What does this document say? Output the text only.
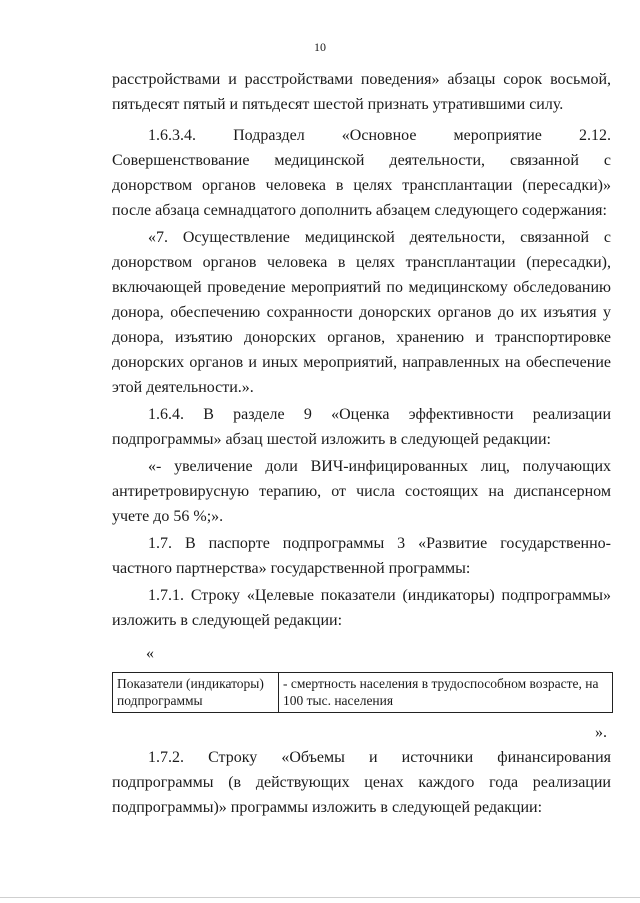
10

расстройствами и расстройствами поведения» абзацы сорок восьмой, пятьдесят пятый и пятьдесят шестой признать утратившими силу.

1.6.3.4. Подраздел «Основное мероприятие 2.12. Совершенствование медицинской деятельности, связанной с донорством органов человека в целях трансплантации (пересадки)» после абзаца семнадцатого дополнить абзацем следующего содержания:

«7. Осуществление медицинской деятельности, связанной с донорством органов человека в целях трансплантации (пересадки), включающей проведение мероприятий по медицинскому обследованию донора, обеспечению сохранности донорских органов до их изъятия у донора, изъятию донорских органов, хранению и транспортировке донорских органов и иных мероприятий, направленных на обеспечение этой деятельности.».

1.6.4. В разделе 9 «Оценка эффективности реализации подпрограммы» абзац шестой изложить в следующей редакции:

«- увеличение доли ВИЧ-инфицированных лиц, получающих антиретровирусную терапию, от числа состоящих на диспансерном учете до 56 %;».

1.7. В паспорте подпрограммы 3 «Развитие государственно-частного партнерства» государственной программы:

1.7.1. Строку «Целевые показатели (индикаторы) подпрограммы» изложить в следующей редакции:

«

Показатели (индикаторы) подпрограммы	- смертность населения в трудоспособном возрасте, на 100 тыс. населения

».

1.7.2. Строку «Объемы и источники финансирования подпрограммы (в действующих ценах каждого года реализации подпрограммы)» программы изложить в следующей редакции:
